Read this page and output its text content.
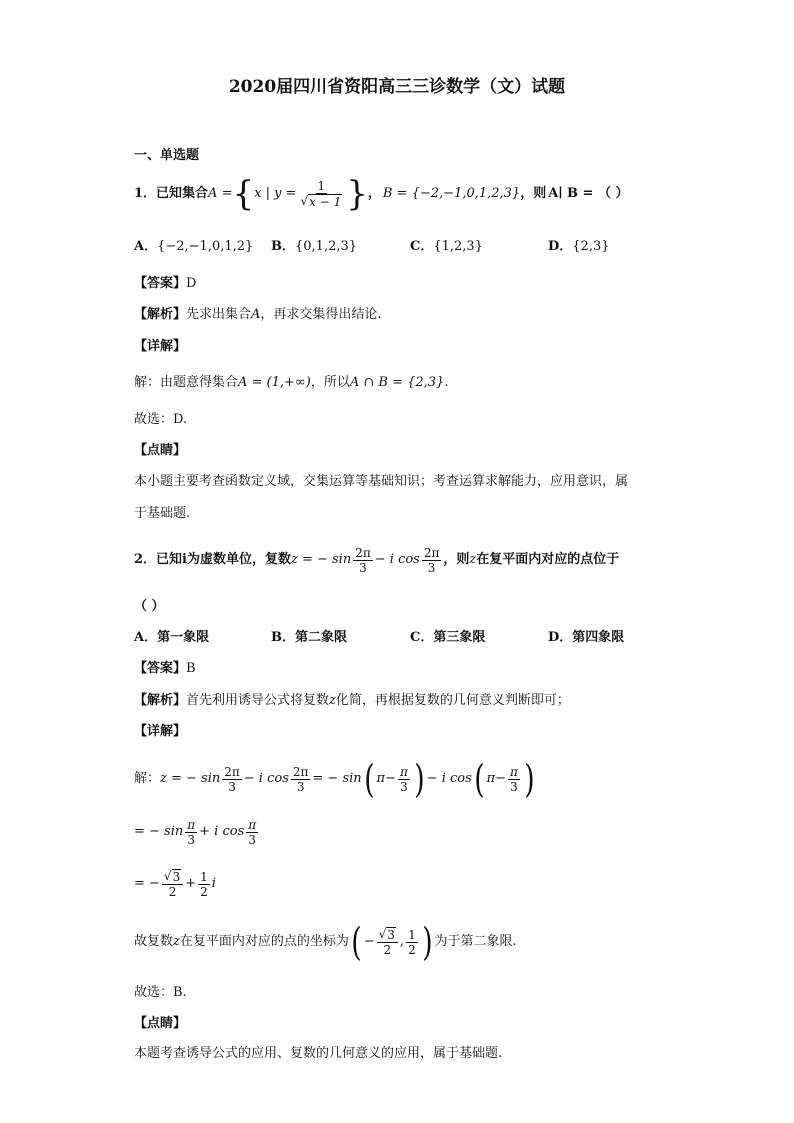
2020届四川省资阳高三三诊数学（文）试题
一、单选题
1．已知集合 A = { x | $y = \frac{1}{√ x - 1}$ } ， B = {−2,−1,0,1,2,3} ，则 A∣ B = （ ）
A．{−2,−1,0,1,2} B．{0,1,2,3}	C．{1,2,3}	D．{2,3}
【答案】D
【解析】先求出集合A，再求交集得出结论.
【详解】
解：由题意得集合A = (1,+∞)，所以A ∩ B = {2,3}.
故选：D.
【点睛】
本小题主要考查函数定义域，交集运算等基础知识；考查运算求解能力，应用意识，属
于基础题.
2．已知i为虚数单位，复数 z = − $\sin \frac{2\pi}{3} - i$ $\cos \frac{2\pi}{3}$ ，则 z 在复平面内对应的点位于
（ ）
A．第一象限	B．第二象限	C．第三象限	D．第四象限
【答案】B
【解析】首先利用诱导公式将复数z化简，再根据复数的几何意义判断即可；
【详解】
解： z = − $\sin \frac{2\pi}{3} - i$ $\cos \frac{2\pi}{3}$ = − sin ( $\pi - \frac{\pi}{3}$ ) − i cos ( $\pi - \frac{\pi}{3}$ )
= − $\sin \frac{\pi}{3} + i$ $\cos \frac{\pi}{3}$
= − $\frac{√ 3}{2} + \frac{1}{2}$ i
故复数 z 在复平面内对应的点的坐标为 ( − $\frac{√ 3}{2}$ , $\frac{1}{2}$ ) 为于第二象限.
故选：B.
【点睛】
本题考查诱导公式的应用、复数的几何意义的应用，属于基础题.
